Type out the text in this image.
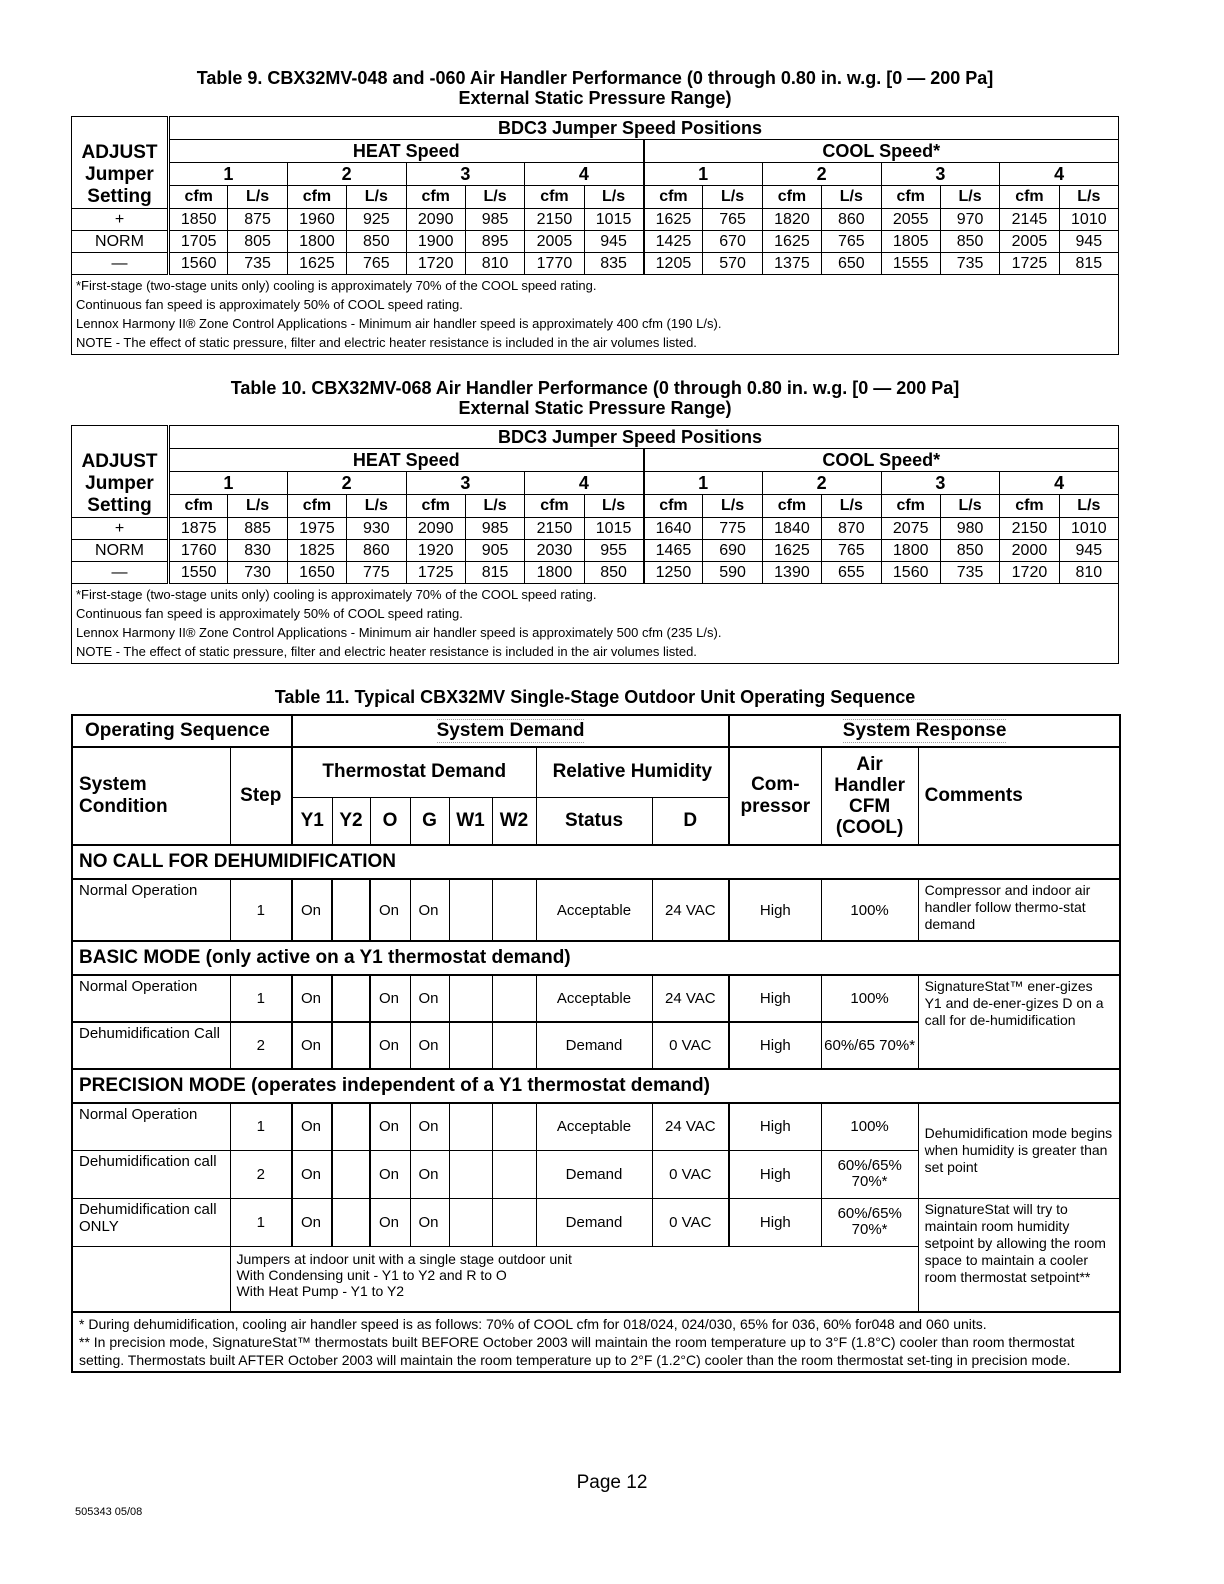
Table 9. CBX32MV-048 and -060 Air Handler Performance (0 through 0.80 in. w.g. [0 — 200 Pa]
External Static Pressure Range)
ADJUST
Jumper
Setting	BDC3 Jumper Speed Positions															
	HEAT Speed								COOL Speed*							
	1		2		3		4		1		2		3		4	
	cfm	L/s	cfm	L/s	cfm	L/s	cfm	L/s	cfm	L/s	cfm	L/s	cfm	L/s	cfm	L/s
+	1850	875	1960	925	2090	985	2150	1015	1625	765	1820	860	2055	970	2145	1010
NORM	1705	805	1800	850	1900	895	2005	945	1425	670	1625	765	1805	850	2005	945
—	1560	735	1625	765	1720	810	1770	835	1205	570	1375	650	1555	735	1725	815

*First-stage (two-stage units only) cooling is approximately 70% of the COOL speed rating.
Continuous fan speed is approximately 50% of COOL speed rating.
Lennox Harmony II® Zone Control Applications - Minimum air handler speed is approximately 400 cfm (190 L/s).
NOTE - The effect of static pressure, filter and electric heater resistance is included in the air volumes listed.																
Table 10. CBX32MV-068 Air Handler Performance (0 through 0.80 in. w.g. [0 — 200 Pa]
External Static Pressure Range)
ADJUST
Jumper
Setting	BDC3 Jumper Speed Positions															
	HEAT Speed								COOL Speed*							
	1		2		3		4		1		2		3		4	
	cfm	L/s	cfm	L/s	cfm	L/s	cfm	L/s	cfm	L/s	cfm	L/s	cfm	L/s	cfm	L/s
+	1875	885	1975	930	2090	985	2150	1015	1640	775	1840	870	2075	980	2150	1010
NORM	1760	830	1825	860	1920	905	2030	955	1465	690	1625	765	1800	850	2000	945
—	1550	730	1650	775	1725	815	1800	850	1250	590	1390	655	1560	735	1720	810

*First-stage (two-stage units only) cooling is approximately 70% of the COOL speed rating.
Continuous fan speed is approximately 50% of COOL speed rating.
Lennox Harmony II® Zone Control Applications - Minimum air handler speed is approximately 500 cfm (235 L/s).
NOTE - The effect of static pressure, filter and electric heater resistance is included in the air volumes listed.																
Table 11. Typical CBX32MV Single-Stage Outdoor Unit Operating Sequence
Operating Sequence		System Demand								System Response		
System Condition	Step	Thermostat Demand						Relative Humidity		Com- pressor	Air Handler CFM (COOL)	Comments
		Y1	Y2	O	G	W1	W2	Status	D			
NO CALL FOR DEHUMIDIFICATION												
Normal Operation	1	On		On	On			Acceptable	24 VAC	High	100%	Compressor and indoor air handler follow thermo-stat demand
BASIC MODE (only active on a Y1 thermostat demand)												
Normal Operation	1	On		On	On			Acceptable	24 VAC	High	100%	SignatureStat™ ener-gizes Y1 and de-ener-gizes D on a call for de-humidification
Dehumidification Call	2	On		On	On			Demand	0 VAC	High	60%/65 70%*	
PRECISION MODE (operates independent of a Y1 thermostat demand)												
Normal Operation	1	On		On	On			Acceptable	24 VAC	High	100%	Dehumidification mode begins when humidity is greater than set point
Dehumidification call	2	On		On	On			Demand	0 VAC	High	60%/65% 70%*	
Dehumidification call ONLY	1	On		On	On			Demand	0 VAC	High	60%/65% 70%*	SignatureStat will try to maintain room humidity setpoint by allowing the room space to maintain a cooler room thermostat setpoint**

	Jumpers at indoor unit with a single stage outdoor unit
With Condensing unit - Y1 to Y2 and R to O
With Heat Pump - Y1 to Y2											

* During dehumidification, cooling air handler speed is as follows: 70% of COOL cfm for 018/024, 024/030, 65% for 036, 60% for048 and 060 units.
** In precision mode, SignatureStat™ thermostats built BEFORE October 2003 will maintain the room temperature up to 3°F (1.8°C) cooler than room thermostat setting. Thermostats built AFTER October 2003 will maintain the room temperature up to 2°F (1.2°C) cooler than the room thermostat set-ting in precision mode.												
Page 12
505343 05/08
